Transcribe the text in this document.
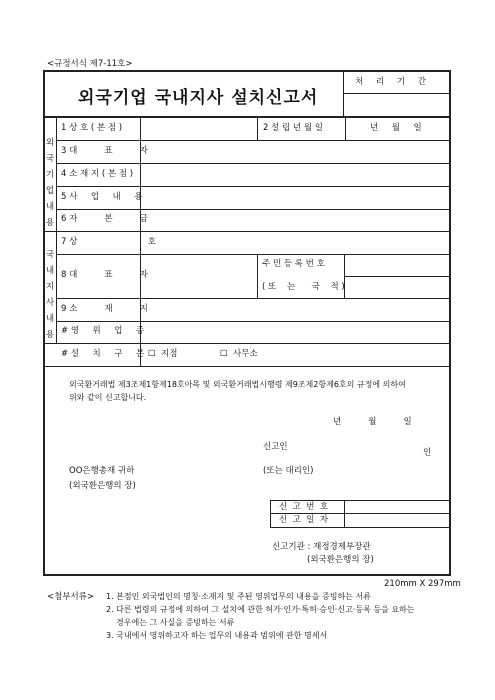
<규정서식 제7-11호>
외국기업 국내지사 설치신고서
처 리 기 간
외
국
기
업
내
용
국
내
지
사
내
용
1 상 호 ( 본 점 )	2 설 립 년 월 일	년     월     일
3 대          표          자
4 소 재 지 ( 본 점 )
5 사     업     내     용
6 자          본          금
7 상                          호
8 대          표          자
주 민 등 록 번 호
( 또    는      국    적 )
9 소          재          지
# 영     위     업     종
# 설     치     구     분 ☐  지점	☐  사무소
외국환거래법 제3조제1항제18호아목 및 외국환거래법시행령 제9조제2항제6호의 규정에 의하여
위와 같이 신고합니다.
년          월          일
신고인
인
OO은행총재 귀하	(또는 대리인)
(외국환은행의 장)
신  고  번  호
신  고  일  자
신고기관 : 재정경제부장관
(외국환은행의 장)
210mm X 297mm
<첨부서류> 1. 본점인 외국법인의 명칭·소재지 및 주된 영위업무의 내용을 증빙하는 서류
2. 다른 법령의 규정에 의하여 그 설치에 관한 허가·인가·특허·승인·신고·등록 등을 요하는
경우에는 그 사실을 증빙하는 서류
3. 국내에서 영위하고자 하는 업무의 내용과 범위에 관한 명세서
